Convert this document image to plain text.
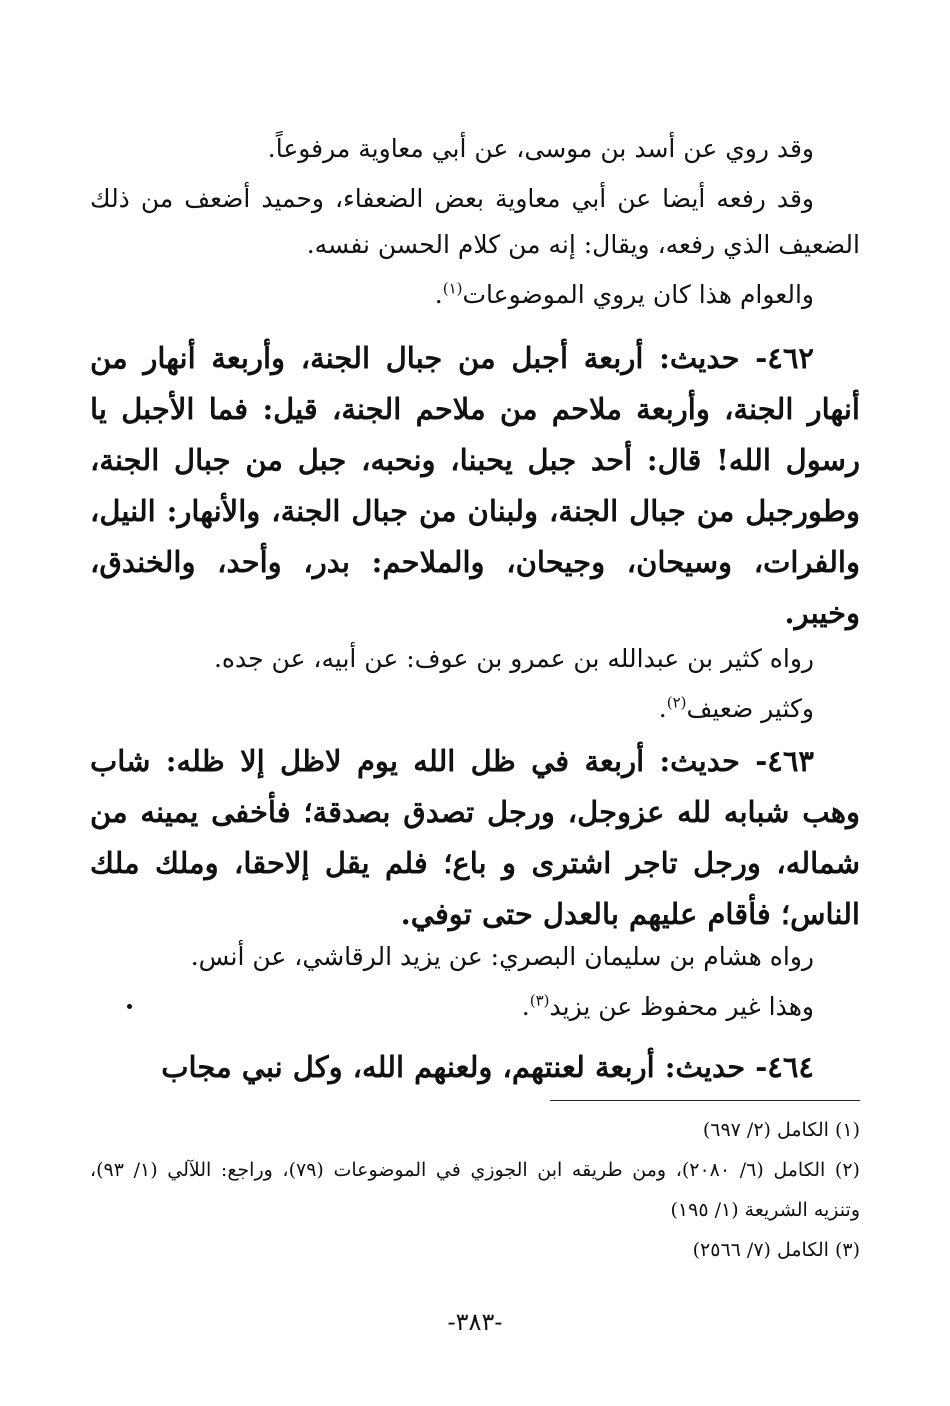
وقد روي عن أسد بن موسى، عن أبي معاوية مرفوعاً.

وقد رفعه أيضا عن أبي معاوية بعض الضعفاء، وحميد أضعف من ذلك الضعيف الذي رفعه، ويقال: إنه من كلام الحسن نفسه.

والعوام هذا كان يروي الموضوعات$^{(١)}$.

٤٦٢- حديث: أربعة أجبل من جبال الجنة، وأربعة أنهار من أنهار الجنة، وأربعة ملاحم من ملاحم الجنة، قيل: فما الأجبل يا رسول الله! قال: أحد جبل يحبنا، ونحبه، جبل من جبال الجنة، وطورجبل من جبال الجنة، ولبنان من جبال الجنة، والأنهار: النيل، والفرات، وسيحان، وجيحان، والملاحم: بدر، وأحد، والخندق، وخيبر.

رواه كثير بن عبدالله بن عمرو بن عوف: عن أبيه، عن جده.

وكثير ضعيف$^{(٢)}$.

٤٦٣- حديث: أربعة في ظل الله يوم لاظل إلا ظله: شاب وهب شبابه لله عزوجل، ورجل تصدق بصدقة؛ فأخفى يمينه من شماله، ورجل تاجر اشترى و باع؛ فلم يقل إلاحقا، وملك ملك الناس؛ فأقام عليهم بالعدل حتى توفي.

رواه هشام بن سليمان البصري: عن يزيد الرقاشي، عن أنس.

وهذا غير محفوظ عن يزيد$^{(٣)}$.

٤٦٤- حديث: أربعة لعنتهم، ولعنهم الله، وكل نبي مجاب

(١) الكامل (٢/ ٦٩٧)

(٢) الكامل (٦/ ٢٠٨٠)، ومن طريقه ابن الجوزي في الموضوعات (٧٩)، وراجع: اللآلي (١/ ٩٣)، وتنزيه الشريعة (١/ ١٩٥)

(٣) الكامل (٧/ ٢٥٦٦)

-٣٨٣-
